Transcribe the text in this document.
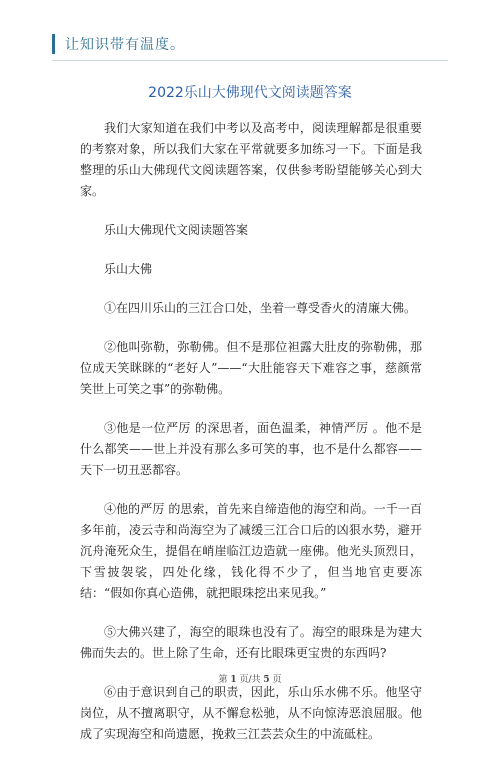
让知识带有温度。
2022乐山大佛现代文阅读题答案

我们大家知道在我们中考以及高考中，阅读理解都是很重要的考察对象，所以我们大家在平常就要多加练习一下。下面是我整理的乐山大佛现代文阅读题答案，仅供参考盼望能够关心到大家。

乐山大佛现代文阅读题答案

乐山大佛

①在四川乐山的三江合口处，坐着一尊受香火的清廉大佛。

②他叫弥勒，弥勒佛。但不是那位袒露大肚皮的弥勒佛，那位成天笑眯眯的“老好人”——“大肚能容天下难容之事，慈颜常笑世上可笑之事”的弥勒佛。

③他是一位严厉 的深思者，面色温柔，神情严厉 。他不是什么都笑——世上并没有那么多可笑的事，也不是什么都容——天下一切丑恶都容。

④他的严厉 的思索，首先来自缔造他的海空和尚。一千一百多年前，凌云寺和尚海空为了减缓三江合口后的凶狠水势，避开沉舟淹死众生，提倡在峭崖临江边造就一座佛。他光头顶烈日，下雪披袈裟，四处化缘，钱化得不少了，但当地官吏要冻结：“假如你真心造佛，就把眼珠挖出来见我。”

⑤大佛兴建了，海空的眼珠也没有了。海空的眼珠是为建大佛而失去的。世上除了生命，还有比眼珠更宝贵的东西吗?

⑥由于意识到自己的职责，因此，乐山乐水佛不乐。他坚守岗位，从不擅离职守，从不懈怠松驰，从不向惊涛恶浪屈服。他成了实现海空和尚遗愿，挽救三江芸芸众生的中流砥柱。

第 1 页/共 5 页
